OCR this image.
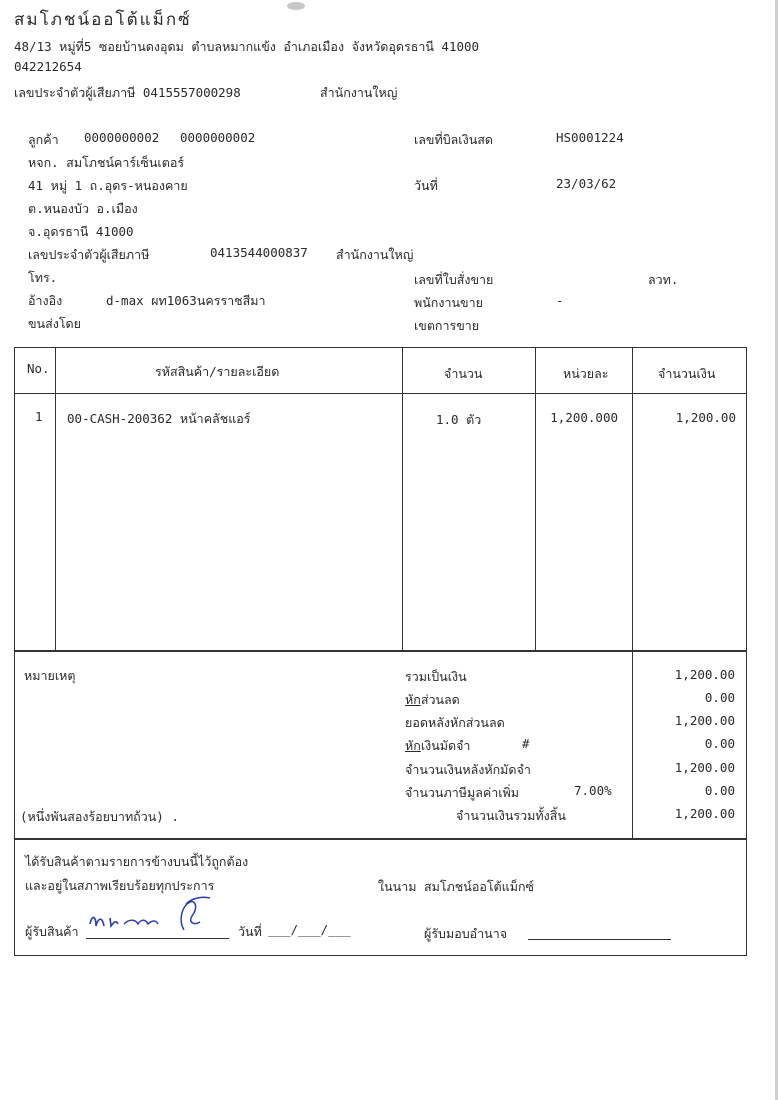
สมโภชน์ออโต้แม็กซ์
48/13 หมู่ที่5 ซอยบ้านดงอุดม ตำบลหมากแข้ง อำเภอเมือง จังหวัดอุดรธานี 41000
042212654
เลขประจำตัวผู้เสียภาษี 0415557000298	สำนักงานใหญ่
ลูกค้า 0000000002 0000000002
หจก. สมโภชน์คาร์เซ็นเตอร์
41 หมู่ 1 ถ.อุดร-หนองคาย
ต.หนองบัว อ.เมือง
จ.อุดรธานี 41000
เลขประจำตัวผู้เสียภาษี	0413544000837 สำนักงานใหญ่
โทร.
อ้างอิง	d-max ผท1063นครราชสีมา
ขนส่งโดย
เลขที่บิลเงินสด	HS0001224
วันที่	23/03/62
เลขที่ใบสั่งขาย	ลวท.
พนักงานขาย	-
เขตการขาย
No.	รหัสสินค้า/รายละเอียด	จำนวน	หน่วยละ	จำนวนเงิน
1 00-CASH-200362 หน้าคลัชแอร์	1.0 ตัว	1,200.000	1,200.00
หมายเหตุ
(หนึ่งพันสองร้อยบาทถ้วน) .
รวมเป็นเงิน	1,200.00
หักส่วนลด	0.00
ยอดหลังหักส่วนลด	1,200.00
หักเงินมัดจำ	#	0.00
จำนวนเงินหลังหักมัดจำ	1,200.00
จำนวนภาษีมูลค่าเพิ่ม	7.00%	0.00
จำนวนเงินรวมทั้งสิ้น	1,200.00
ได้รับสินค้าตามรายการข้างบนนี้ไว้ถูกต้อง
และอยู่ในสภาพเรียบร้อยทุกประการ	ในนาม สมโภชน์ออโต้แม็กซ์
ผู้รับสินค้า	วันที่ ___/___/___	ผู้รับมอบอำนาจ
